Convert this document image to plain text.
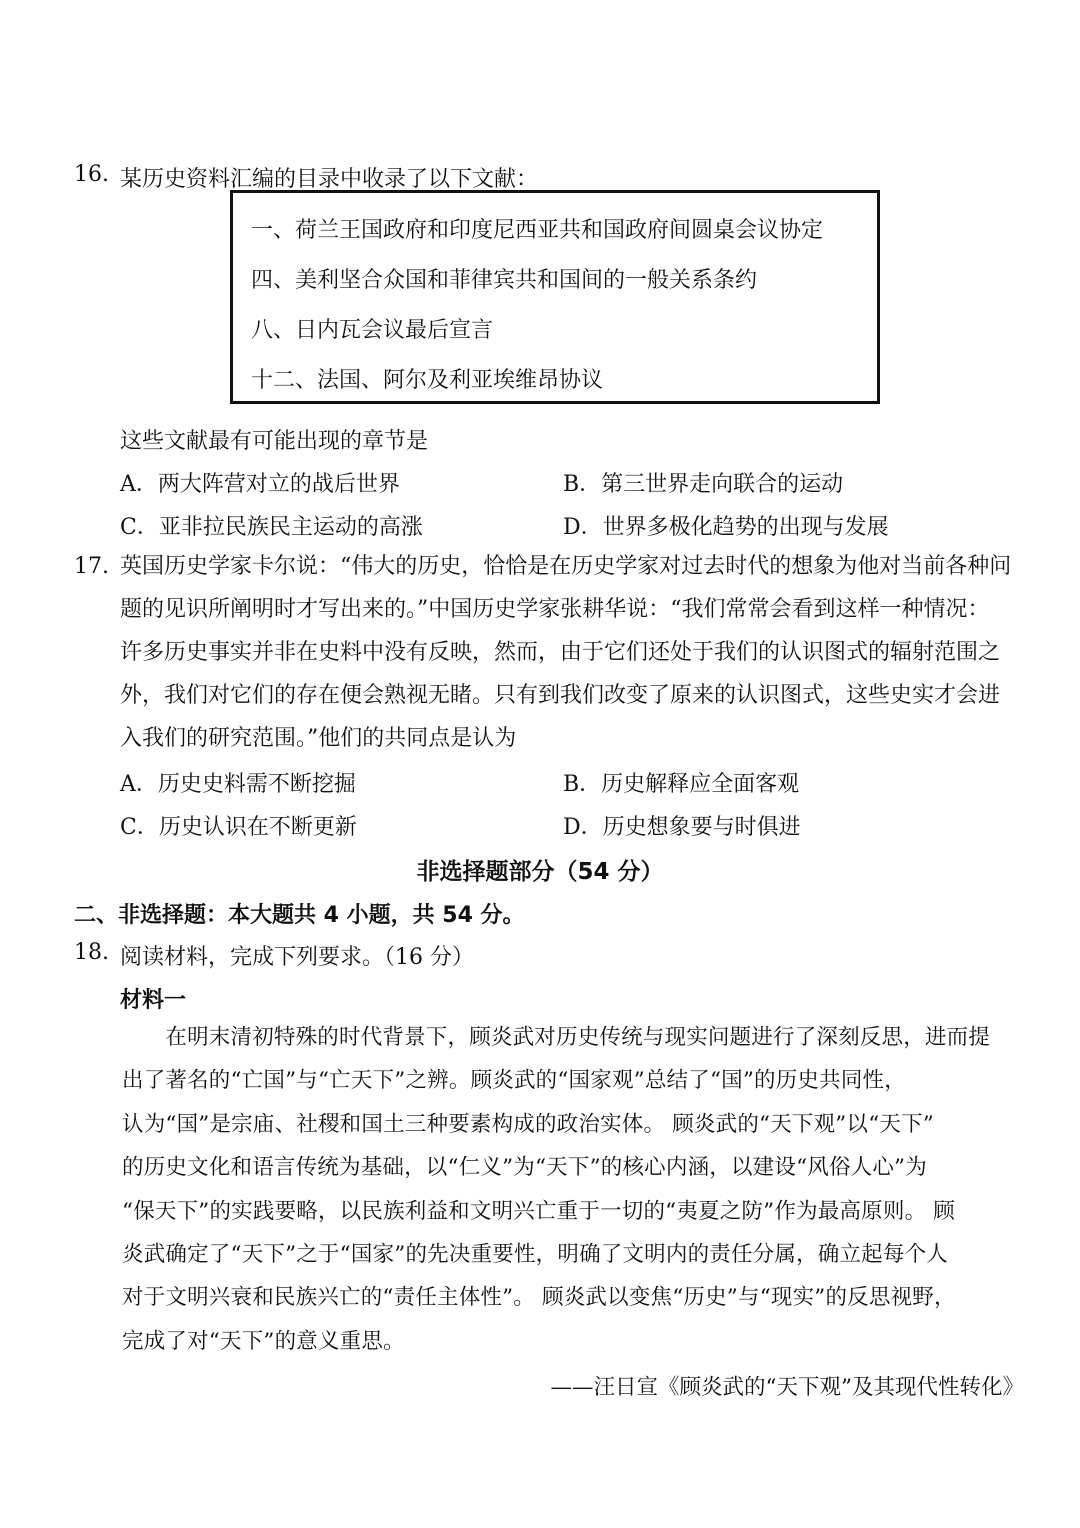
16. 某历史资料汇编的目录中收录了以下文献：
一、荷兰王国政府和印度尼西亚共和国政府间圆桌会议协定
四、美利坚合众国和菲律宾共和国间的一般关系条约
八、日内瓦会议最后宣言
十二、法国、阿尔及利亚埃维昂协议
这些文献最有可能出现的章节是
A．两大阵营对立的战后世界	B．第三世界走向联合的运动
C．亚非拉民族民主运动的高涨	D．世界多极化趋势的出现与发展
17. 英国历史学家卡尔说：“伟大的历史，恰恰是在历史学家对过去时代的想象为他对当前各种问
题的见识所阐明时才写出来的。”中国历史学家张耕华说：“我们常常会看到这样一种情况：
许多历史事实并非在史料中没有反映，然而，由于它们还处于我们的认识图式的辐射范围之
外，我们对它们的存在便会熟视无睹。只有到我们改变了原来的认识图式，这些史实才会进
入我们的研究范围。”他们的共同点是认为
A．历史史料需不断挖掘	B．历史解释应全面客观
C．历史认识在不断更新	D．历史想象要与时俱进
非选择题部分（54 分）
二、非选择题：本大题共 4 小题，共 54 分。
18. 阅读材料，完成下列要求。（16 分）
材料一
　　在明末清初特殊的时代背景下，顾炎武对历史传统与现实问题进行了深刻反思，进而提
出了著名的“亡国”与“亡天下”之辨。顾炎武的“国家观”总结了“国”的历史共同性，
认为“国”是宗庙、社稷和国土三种要素构成的政治实体。 顾炎武的“天下观”以“天下”
的历史文化和语言传统为基础，以“仁义”为“天下”的核心内涵，以建设“风俗人心”为
“保天下”的实践要略，以民族利益和文明兴亡重于一切的“夷夏之防”作为最高原则。 顾
炎武确定了“天下”之于“国家”的先决重要性，明确了文明内的责任分属，确立起每个人
对于文明兴衰和民族兴亡的“责任主体性”。 顾炎武以变焦“历史”与“现实”的反思视野，
完成了对“天下”的意义重思。
——汪日宣《顾炎武的“天下观”及其现代性转化》
